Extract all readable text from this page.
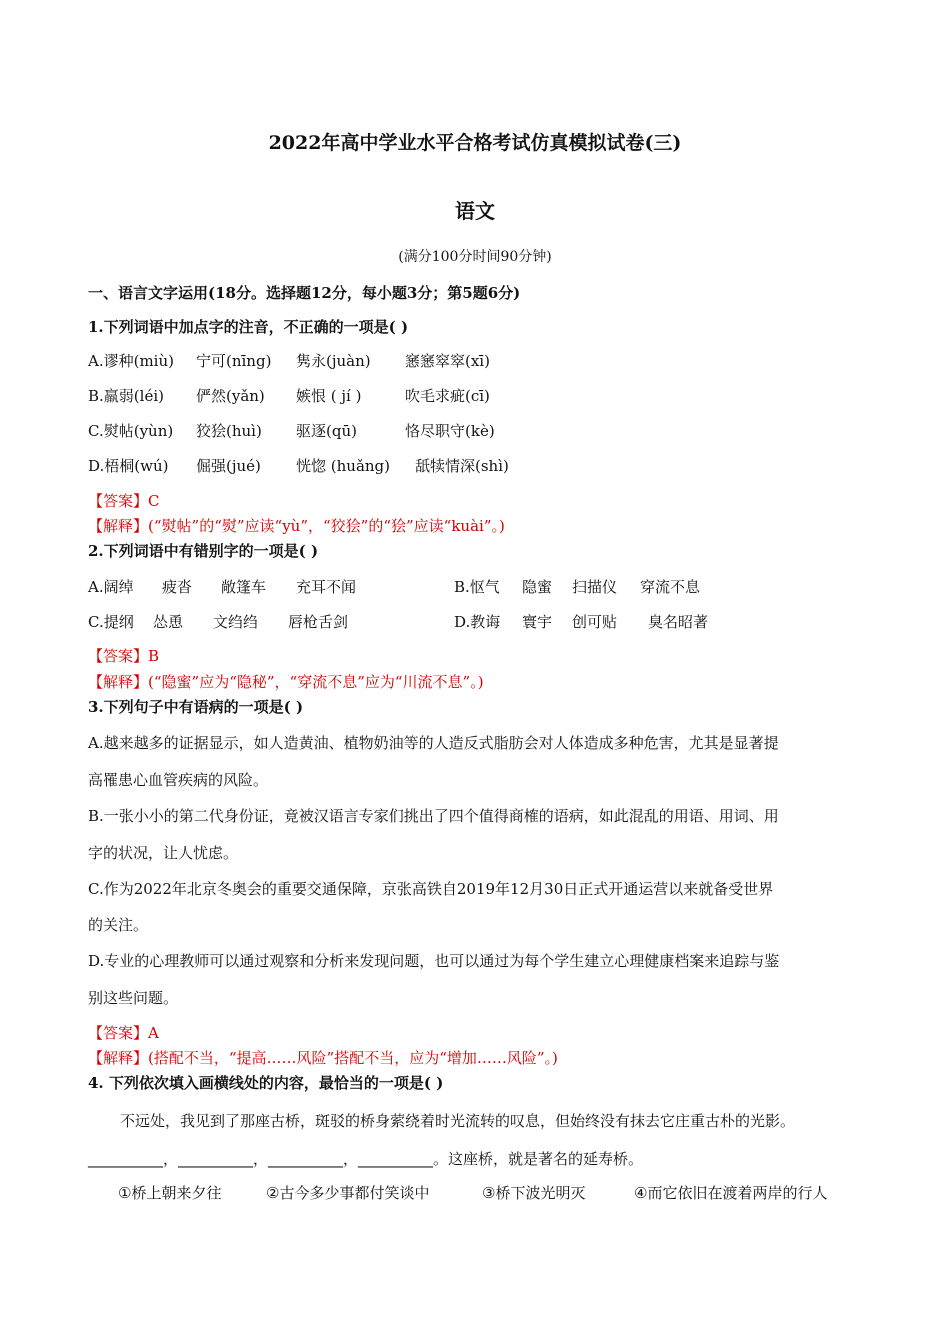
2022年高中学业水平合格考试仿真模拟试卷(三)
语文
(满分100分时间90分钟)
一、语言文字运用(18分。选择题12分，每小题3分；第5题6分)
1.下列词语中加点字的注音，不正确的一项是( )
A.谬种(miù) 宁可(nīng) 隽永(juàn) 窸窸窣窣(xī)
B.羸弱(léi) 俨然(yǎn) 嫉恨 ( jí )	吹毛求疵(cī)
C.熨帖(yùn) 狡狯(huì) 驱逐(qū)	恪尽职守(kè)
D.梧桐(wú) 倔强(jué) 恍惚 (huǎng) 舐犊情深(shì)
【答案】C
【解释】(“熨帖”的“熨”应读“yù”，“狡狯”的“狯”应读“kuài”。)
2.下列词语中有错别字的一项是( )
A.阔绰 疲沓 敞篷车 充耳不闻	B.怄气 隐蜜 扫描仪 穿流不息
C.提纲 怂恿 文绉绉 唇枪舌剑	D.教诲 寰宇 创可贴 臭名昭著
【答案】B
【解释】(“隐蜜”应为“隐秘”，“穿流不息”应为“川流不息”。)
3.下列句子中有语病的一项是( )
A.越来越多的证据显示，如人造黄油、植物奶油等的人造反式脂肪会对人体造成多种危害，尤其是显著提
高罹患心血管疾病的风险。
B.一张小小的第二代身份证，竟被汉语言专家们挑出了四个值得商榷的语病，如此混乱的用语、用词、用
字的状况，让人忧虑。
C.作为2022年北京冬奥会的重要交通保障，京张高铁自2019年12月30日正式开通运营以来就备受世界
的关注。
D.专业的心理教师可以通过观察和分析来发现问题，也可以通过为每个学生建立心理健康档案来追踪与鉴
别这些问题。
【答案】A
【解释】(搭配不当，“提高……风险”搭配不当，应为“增加……风险”。)
4. 下列依次填入画横线处的内容，最恰当的一项是( )
不远处，我见到了那座古桥，斑驳的桥身萦绕着时光流转的叹息，但始终没有抹去它庄重古朴的光影。
__________，__________，__________，__________。这座桥，就是著名的延寿桥。
①桥上朝来夕往	②古今多少事都付笑谈中	③桥下波光明灭	④而它依旧在渡着两岸的行人
